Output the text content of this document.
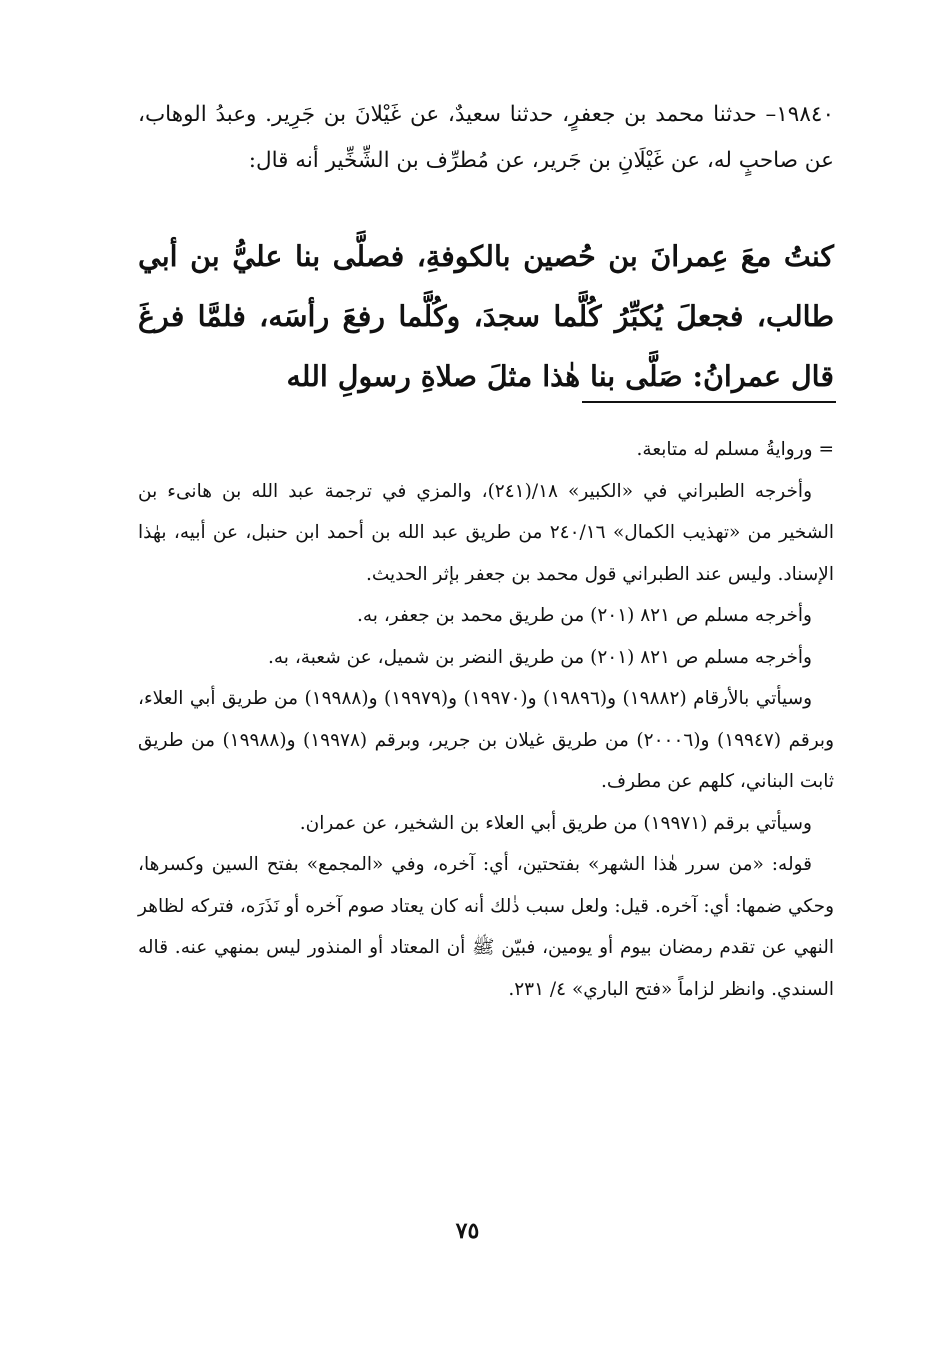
١٩٨٤٠– حدثنا محمد بن جعفرٍ، حدثنا سعيدٌ، عن غَيْلانَ بن جَرِير. وعبدُ الوهاب، عن صاحبٍ له، عن غَيْلَانِ بن جَرير، عن مُطرِّف بن الشِّخِّير أنه قال:

كنتُ معَ عِمرانَ بن حُصين بالكوفةِ، فصلَّى بنا عليُّ بن أبي طالب، فجعلَ يُكبِّرُ كُلَّما سجدَ، وكُلَّما رفعَ رأسَه، فلمَّا فرغَ قال عمرانُ: صَلَّى بنا هٰذا مثلَ صلاةِ رسولِ الله

= وروايةُ مسلم له متابعة.

وأخرجه الطبراني في «الكبير» ١٨/(٢٤١)، والمزي في ترجمة عبد الله بن هانىء بن الشخير من «تهذيب الكمال» ٢٤٠/١٦ من طريق عبد الله بن أحمد ابن حنبل، عن أبيه، بهٰذا الإسناد. وليس عند الطبراني قول محمد بن جعفر بإثر الحديث.

وأخرجه مسلم ص ٨٢١ (٢٠١) من طريق محمد بن جعفر، به.

وأخرجه مسلم ص ٨٢١ (٢٠١) من طريق النضر بن شميل، عن شعبة، به.

وسيأتي بالأرقام (١٩٨٨٢) و(١٩٨٩٦) و(١٩٩٧٠) و(١٩٩٧٩) و(١٩٩٨٨) من طريق أبي العلاء، وبرقم (١٩٩٤٧) و(٢٠٠٠٦) من طريق غيلان بن جرير، وبرقم (١٩٩٧٨) و(١٩٩٨٨) من طريق ثابت البناني، كلهم عن مطرف.

وسيأتي برقم (١٩٩٧١) من طريق أبي العلاء بن الشخير، عن عمران.

قوله: «من سرر هٰذا الشهر» بفتحتين، أي: آخره، وفي «المجمع» بفتح السين وكسرها، وحكي ضمها: أي: آخره. قيل: ولعل سبب ذٰلك أنه كان يعتاد صوم آخره أو نَذَرَه، فتركه لظاهر النهي عن تقدم رمضان بيوم أو يومين، فبيّن ﷺ أن المعتاد أو المنذور ليس بمنهي عنه. قاله السندي. وانظر لزاماً «فتح الباري» ٤/ ٢٣١.

٧٥
